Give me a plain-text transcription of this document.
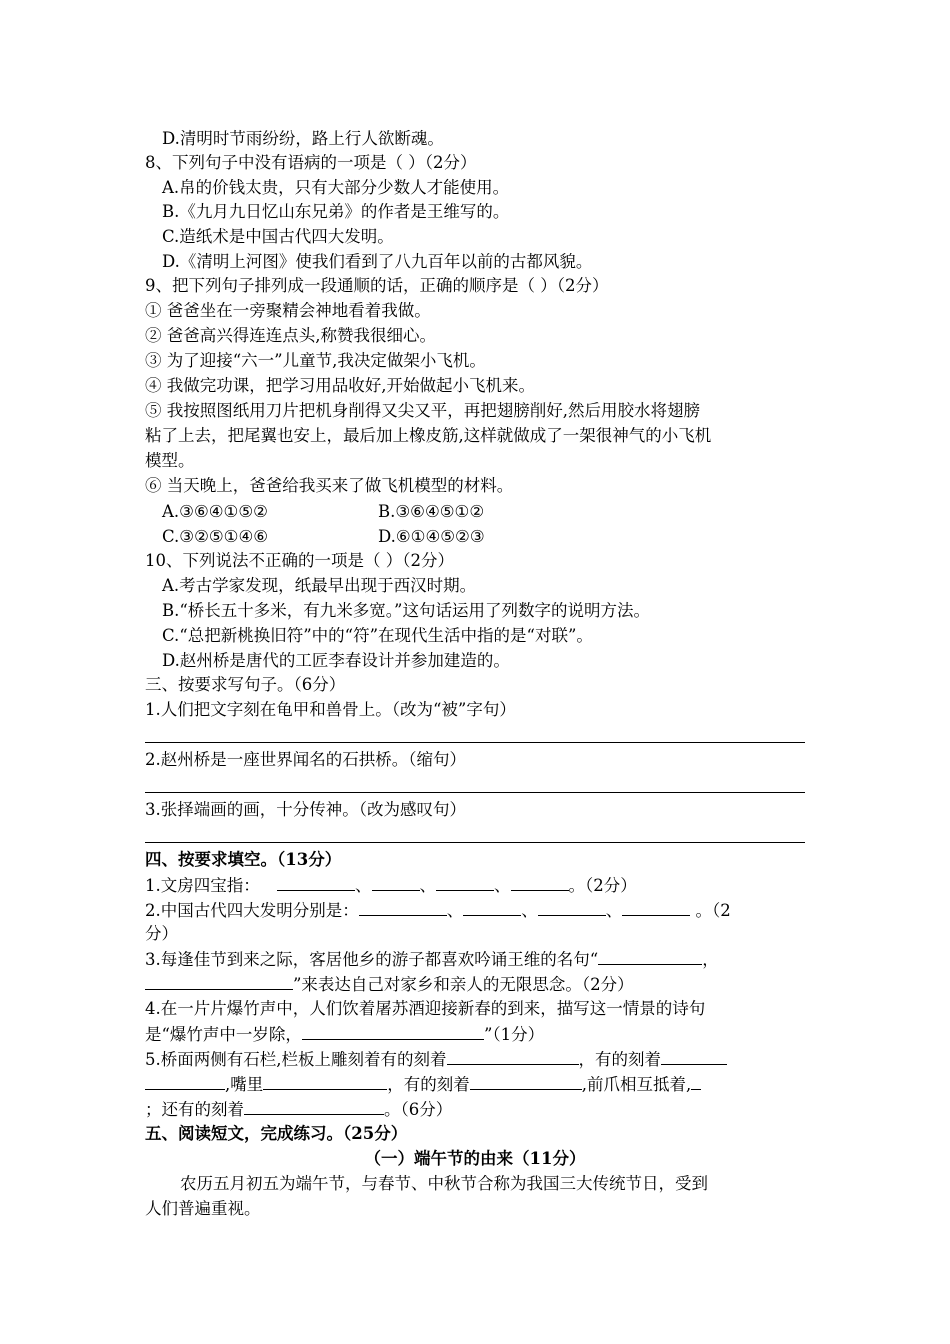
D.清明时节雨纷纷，路上行人欲断魂。
8、下列句子中没有语病的一项是（ ）（2分）
A.帛的价钱太贵，只有大部分少数人才能使用。
B.《九月九日忆山东兄弟》的作者是王维写的。
C.造纸术是中国古代四大发明。
D.《清明上河图》使我们看到了八九百年以前的古都风貌。
9、把下列句子排列成一段通顺的话，正确的顺序是（ ）（2分）
① 爸爸坐在一旁聚精会神地看着我做。
② 爸爸高兴得连连点头,称赞我很细心。
③ 为了迎接“六一”儿童节,我决定做架小飞机。
④ 我做完功课，把学习用品收好,开始做起小飞机来。
⑤ 我按照图纸用刀片把机身削得又尖又平，再把翅膀削好,然后用胶水将翅膀
粘了上去，把尾翼也安上，最后加上橡皮筋,这样就做成了一架很神气的小飞机
模型。
⑥ 当天晚上，爸爸给我买来了做飞机模型的材料。
A.③⑥④①⑤②	B.③⑥④⑤①②
C.③②⑤①④⑥	D.⑥①④⑤②③
10、下列说法不正确的一项是（ ）（2分）
A.考古学家发现，纸最早出现于西汉时期。
B.“桥长五十多米，有九米多宽。”这句话运用了列数字的说明方法。
C.“总把新桃换旧符”中的“符”在现代生活中指的是“对联”。
D.赵州桥是唐代的工匠李春设计并参加建造的。
三、按要求写句子。（6分）
1.人们把文字刻在龟甲和兽骨上。（改为“被”字句）
2.赵州桥是一座世界闻名的石拱桥。（缩句）
3.张择端画的画，十分传神。（改为感叹句）
四、按要求填空。（13分）
1.文房四宝指：	、	、	、	。（2分）
2.中国古代四大发明分别是：	、	、	、	。（2
分）
3.每逢佳节到来之际，客居他乡的游子都喜欢吟诵王维的名句“	，
”来表达自己对家乡和亲人的无限思念。（2分）
4.在一片片爆竹声中，人们饮着屠苏酒迎接新春的到来，描写这一情景的诗句
是“爆竹声中一岁除，	”（1分）
5.桥面两侧有石栏,栏板上雕刻着有的刻着	，有的刻着
,嘴里	，有的刻着	,前爪相互抵着,
；还有的刻着	。（6分）
五、阅读短文，完成练习。（25分）
（一）端午节的由来（11分）
农历五月初五为端午节，与春节、中秋节合称为我国三大传统节日，受到
人们普遍重视。
